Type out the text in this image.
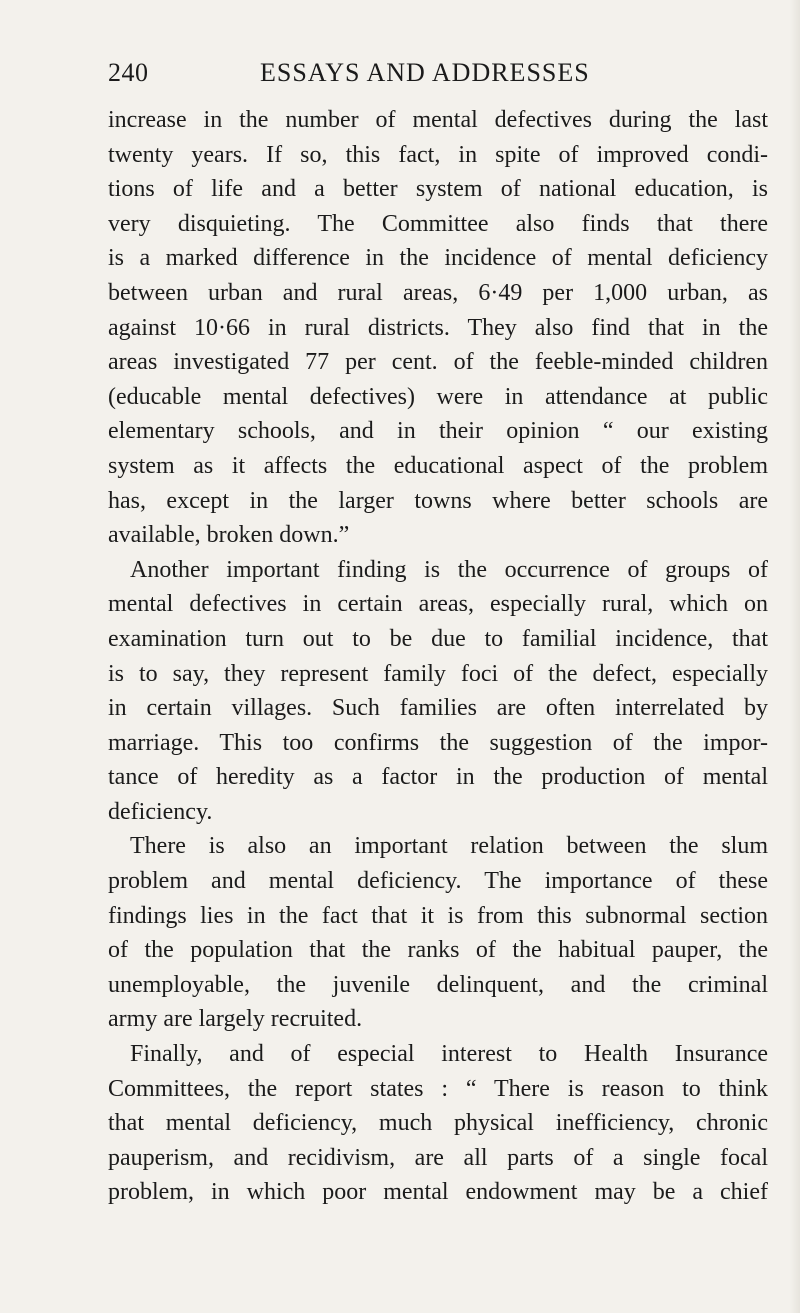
240	ESSAYS AND ADDRESSES
increase in the number of mental defectives during the last
twenty years. If so, this fact, in spite of improved condi-
tions of life and a better system of national education, is
very disquieting. The Committee also finds that there
is a marked difference in the incidence of mental deficiency
between urban and rural areas, 6·49 per 1,000 urban, as
against 10·66 in rural districts. They also find that in the
areas investigated 77 per cent. of the feeble-minded children
(educable mental defectives) were in attendance at public
elementary schools, and in their opinion “ our existing
system as it affects the educational aspect of the problem
has, except in the larger towns where better schools are
available, broken down.”
Another important finding is the occurrence of groups of
mental defectives in certain areas, especially rural, which on
examination turn out to be due to familial incidence, that
is to say, they represent family foci of the defect, especially
in certain villages. Such families are often interrelated by
marriage. This too confirms the suggestion of the impor-
tance of heredity as a factor in the production of mental
deficiency.
There is also an important relation between the slum
problem and mental deficiency. The importance of these
findings lies in the fact that it is from this subnormal section
of the population that the ranks of the habitual pauper, the
unemployable, the juvenile delinquent, and the criminal
army are largely recruited.
Finally, and of especial interest to Health Insurance
Committees, the report states : “ There is reason to think
that mental deficiency, much physical inefficiency, chronic
pauperism, and recidivism, are all parts of a single focal
problem, in which poor mental endowment may be a chief
